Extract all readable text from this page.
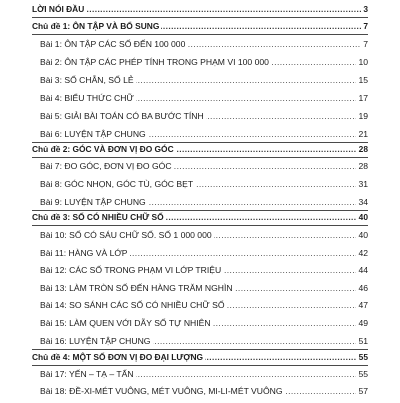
.....
LỜI NÓI ĐẦU	3
.....
Chủ đề 1: ÔN TẬP VÀ BỔ SUNG	7
.....
Bài 1: ÔN TẬP CÁC SỐ ĐẾN 100 000	7
.....
Bài 2: ÔN TẬP CÁC PHÉP TÍNH TRONG PHẠM VI 100 000	10
.....
Bài 3: SỐ CHẴN, SỐ LẺ	15
.....
Bài 4: BIỂU THỨC CHỮ	17
.....
Bài 5: GIẢI BÀI TOÁN CÓ BA BƯỚC TÍNH	19
.....
Bài 6: LUYỆN TẬP CHUNG	21
.....
Chủ đề 2: GÓC VÀ ĐƠN VỊ ĐO GÓC	28
.....
Bài 7: ĐO GÓC, ĐƠN VỊ ĐO GÓC	28
.....
Bài 8: GÓC NHỌN, GÓC TÙ, GÓC BẸT	31
.....
Bài 9: LUYỆN TẬP CHUNG	34
.....
Chủ đề 3: SỐ CÓ NHIỀU CHỮ SỐ	40
.....
Bài 10: SỐ CÓ SÁU CHỮ SỐ. SỐ 1 000 000	40
.....
Bài 11: HÀNG VÀ LỚP	42
.....
Bài 12: CÁC SỐ TRONG PHẠM VI LỚP TRIỆU	44
.....
Bài 13: LÀM TRÒN SỐ ĐẾN HÀNG TRĂM NGHÌN	46
.....
Bài 14: SO SÁNH CÁC SỐ CÓ NHIỀU CHỮ SỐ	47
.....
Bài 15: LÀM QUEN VỚI DÃY SỐ TỰ NHIÊN	49
.....
Bài 16: LUYỆN TẬP CHUNG	51
.....
Chủ đề 4: MỘT SỐ ĐƠN VỊ ĐO ĐẠI LƯỢNG	55
.....
Bài 17: YẾN – TẠ – TẤN	55
.....
Bài 18: ĐỀ-XI-MÉT VUÔNG, MÉT VUÔNG, MI-LI-MÉT VUÔNG	57
